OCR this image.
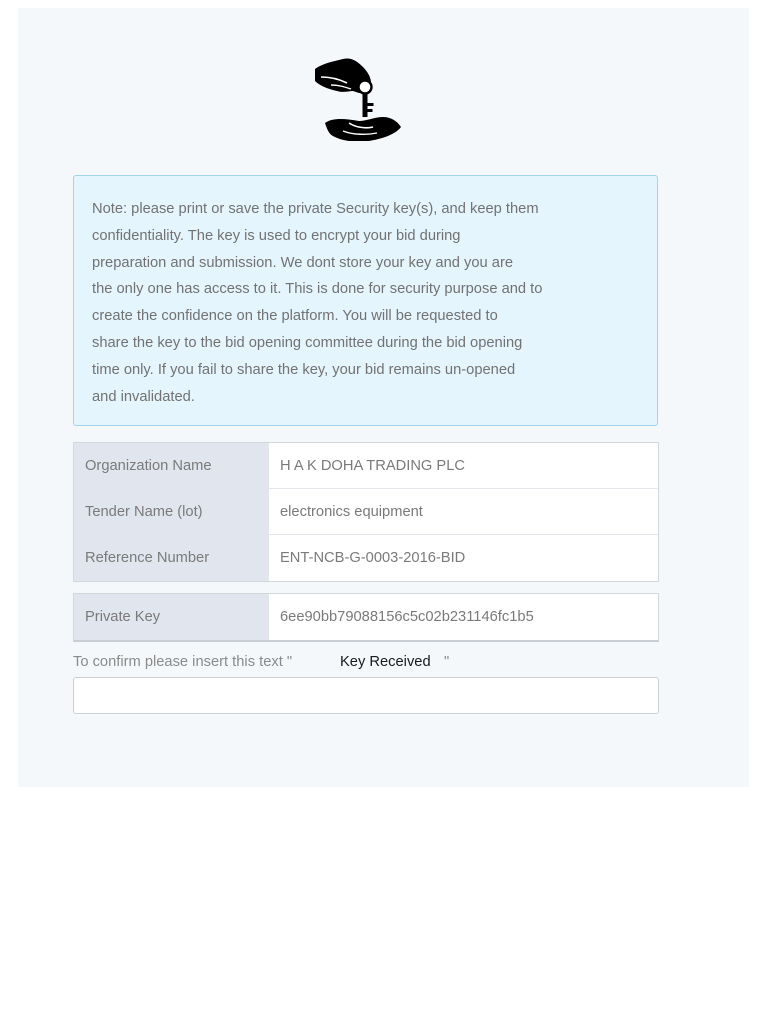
Note: please print or save the private Security key(s), and keep them
confidentiality. The key is used to encrypt your bid during
preparation and submission. We dont store your key and you are
the only one has access to it. This is done for security purpose and to
create the confidence on the platform. You will be requested to
share the key to the bid opening committee during the bid opening
time only. If you fail to share the key, your bid remains un-opened
and invalidated.
Organization Name	H A K DOHA TRADING PLC
Tender Name (lot)	electronics equipment
Reference Number	ENT-NCB-G-0003-2016-BID
Private Key	6ee90bb79088156c5c02b231146fc1b5
To confirm please insert this text "	Key Received "
